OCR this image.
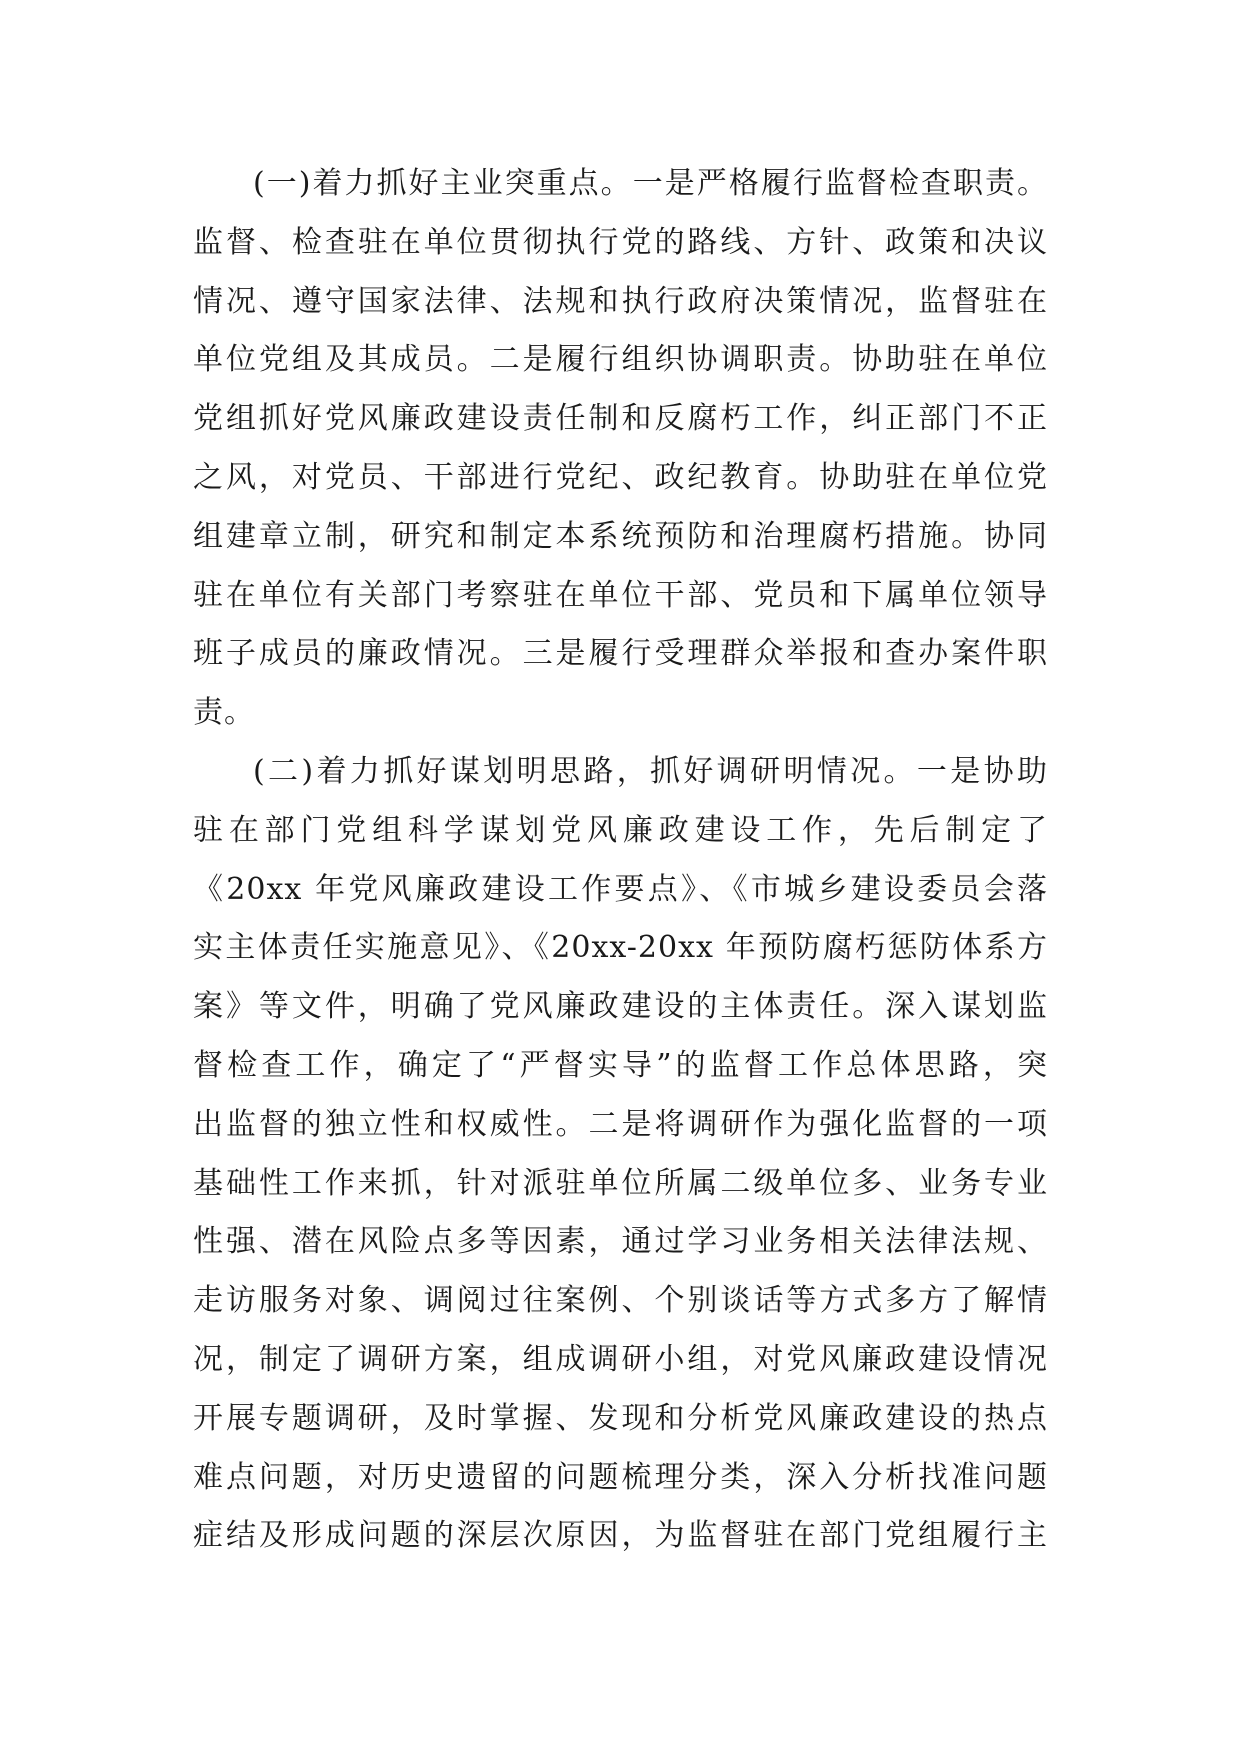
(一)着力抓好主业突重点。一是严格履行监督检查职责。
监督、检查驻在单位贯彻执行党的路线、方针、政策和决议
情况、遵守国家法律、法规和执行政府决策情况，监督驻在
单位党组及其成员。二是履行组织协调职责。协助驻在单位
党组抓好党风廉政建设责任制和反腐朽工作，纠正部门不正
之风，对党员、干部进行党纪、政纪教育。协助驻在单位党
组建章立制，研究和制定本系统预防和治理腐朽措施。协同
驻在单位有关部门考察驻在单位干部、党员和下属单位领导
班子成员的廉政情况。三是履行受理群众举报和查办案件职
责。
(二)着力抓好谋划明思路，抓好调研明情况。一是协助
驻在部门党组科学谋划党风廉政建设工作，先后制定了
《20xx 年党风廉政建设工作要点》、《市城乡建设委员会落
实主体责任实施意见》、《20xx-20xx 年预防腐朽惩防体系方
案》等文件，明确了党风廉政建设的主体责任。深入谋划监
督检查工作，确定了“严督实导”的监督工作总体思路，突
出监督的独立性和权威性。二是将调研作为强化监督的一项
基础性工作来抓，针对派驻单位所属二级单位多、业务专业
性强、潜在风险点多等因素，通过学习业务相关法律法规、
走访服务对象、调阅过往案例、个别谈话等方式多方了解情
况，制定了调研方案，组成调研小组，对党风廉政建设情况
开展专题调研，及时掌握、发现和分析党风廉政建设的热点
难点问题，对历史遗留的问题梳理分类，深入分析找准问题
症结及形成问题的深层次原因，为监督驻在部门党组履行主
